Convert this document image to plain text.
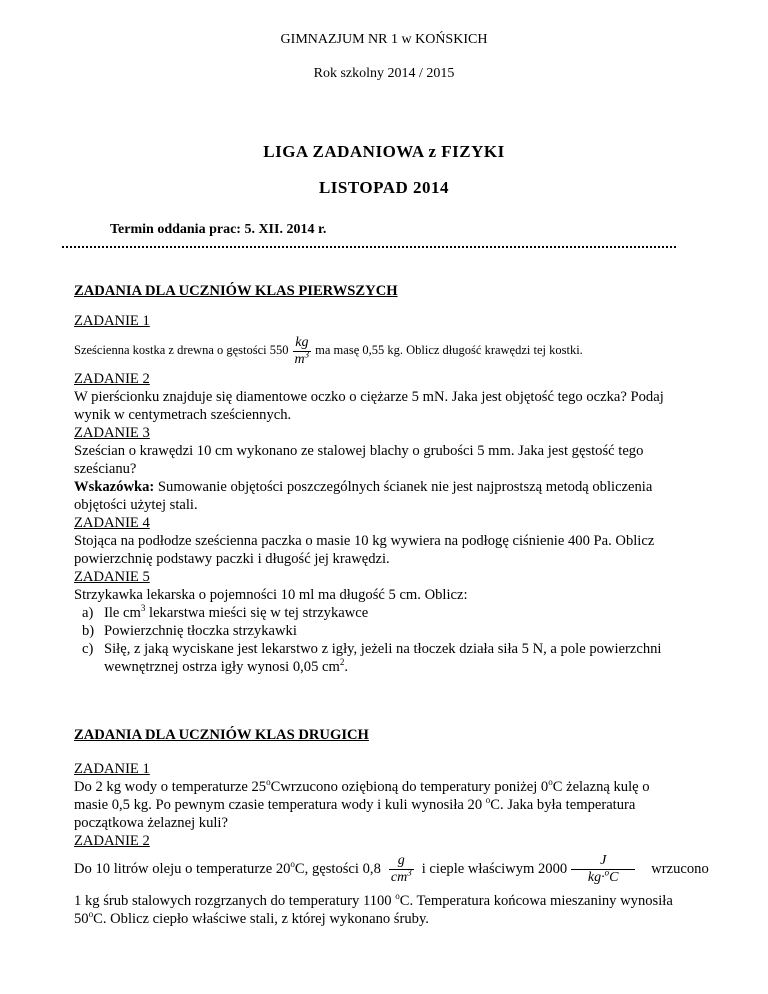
GIMNAZJUM NR 1 w KOŃSKICH
Rok szkolny 2014 / 2015
LIGA ZADANIOWA z FIZYKI
LISTOPAD 2014
Termin oddania prac: 5. XII. 2014 r.
ZADANIA DLA UCZNIÓW KLAS PIERWSZYCH
ZADANIE 1
Sześcienna kostka z drewna o gęstości $550 \frac{kg}{m^3}$ ma masę 0,55 kg. Oblicz długość krawędzi tej kostki.
ZADANIE 2
W pierścionku znajduje się diamentowe oczko o ciężarze 5 mN. Jaka jest objętość tego oczka? Podaj
wynik w centymetrach sześciennych.
ZADANIE 3
Sześcian o krawędzi 10 cm wykonano ze stalowej blachy o grubości 5 mm. Jaka jest gęstość tego
sześcianu?
Wskazówka: Sumowanie objętości poszczególnych ścianek nie jest najprostszą metodą obliczenia
objętości użytej stali.
ZADANIE 4
Stojąca na podłodze sześcienna paczka o masie 10 kg wywiera na podłogę ciśnienie 400 Pa. Oblicz
powierzchnię podstawy paczki i długość jej krawędzi.
ZADANIE 5
Strzykawka lekarska o pojemności 10 ml ma długość 5 cm. Oblicz:
a) Ile $cm^3$ lekarstwa mieści się w tej strzykawce
b) Powierzchnię tłoczka strzykawki
c) Siłę, z jaką wyciskane jest lekarstwo z igły, jeżeli na tłoczek działa siła 5 N, a pole powierzchni
wewnętrznej ostrza igły wynosi 0,05 $cm^2$.
ZADANIA DLA UCZNIÓW KLAS DRUGICH
ZADANIE 1
Do 2 kg wody o temperaturze 25$^o$Cwrzucono oziębioną do temperatury poniżej 0$^o$C żelazną kulę o
masie 0,5 kg. Po pewnym czasie temperatura wody i kuli wynosiła 20 $^o$C. Jaka była temperatura
początkowa żelaznej kuli?
ZADANIE 2
Do 10 litrów oleju o temperaturze 20$^o$C, gęstości $0,8 \frac{g}{cm^3}$ i cieple właściwym $2000 \frac{J}{kg\cdot^oC}$ wrzucono
1 kg śrub stalowych rozgrzanych do temperatury 1100 $^o$C. Temperatura końcowa mieszaniny wynosiła
50$^o$C. Oblicz ciepło właściwe stali, z której wykonano śruby.
